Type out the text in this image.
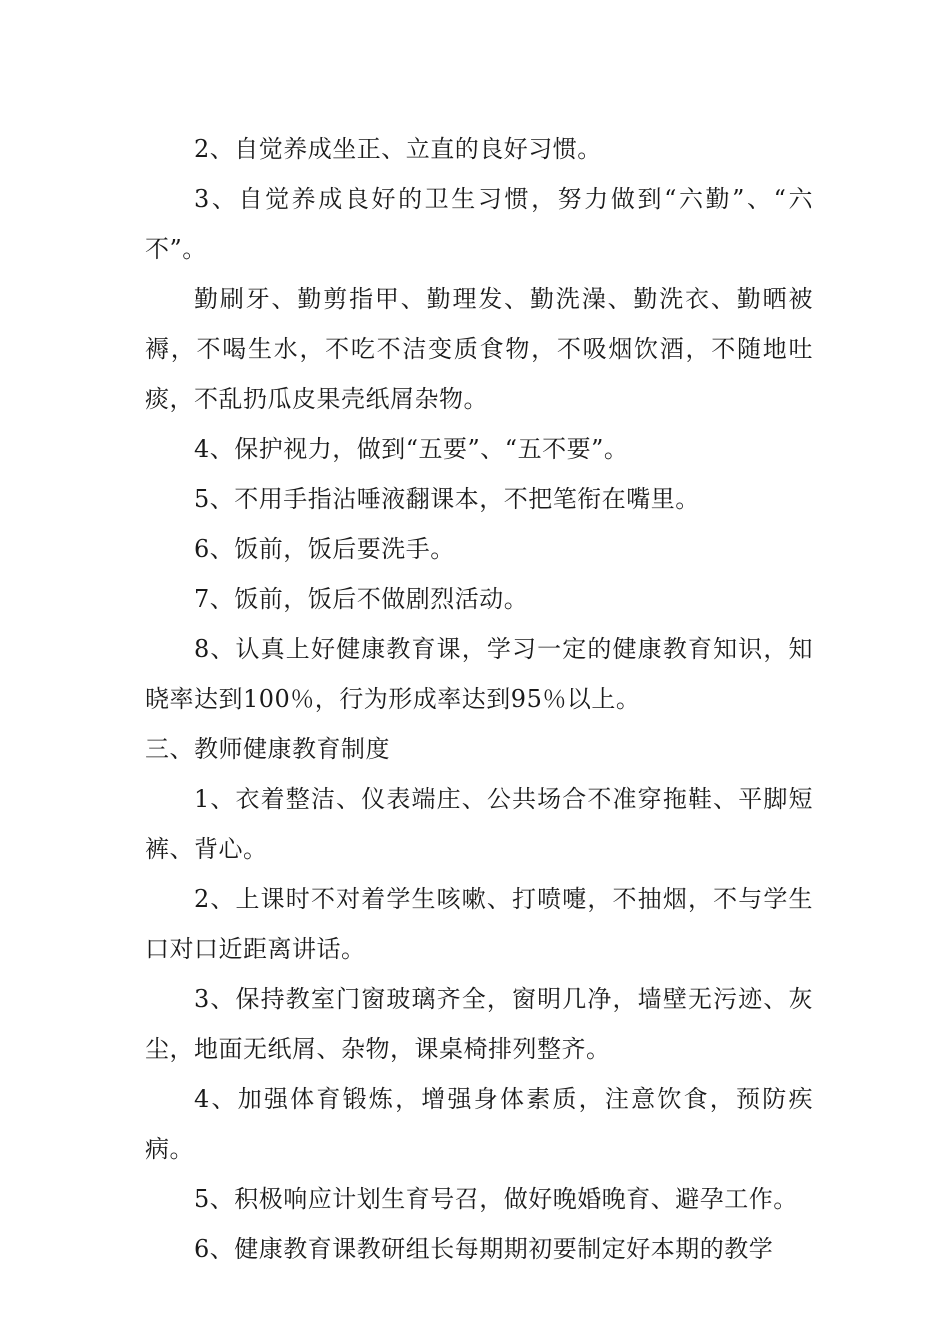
2、自觉养成坐正、立直的良好习惯。

3、自觉养成良好的卫生习惯，努力做到“六勤”、“六不”。

勤刷牙、勤剪指甲、勤理发、勤洗澡、勤洗衣、勤晒被褥，不喝生水，不吃不洁变质食物，不吸烟饮酒，不随地吐痰，不乱扔瓜皮果壳纸屑杂物。

4、保护视力，做到“五要”、“五不要”。

5、不用手指沾唾液翻课本，不把笔衔在嘴里。

6、饭前，饭后要洗手。

7、饭前，饭后不做剧烈活动。

8、认真上好健康教育课，学习一定的健康教育知识，知晓率达到100％，行为形成率达到95％以上。

三、教师健康教育制度

1、衣着整洁、仪表端庄、公共场合不准穿拖鞋、平脚短裤、背心。

2、上课时不对着学生咳嗽、打喷嚏，不抽烟，不与学生口对口近距离讲话。

3、保持教室门窗玻璃齐全，窗明几净，墙壁无污迹、灰尘，地面无纸屑、杂物，课桌椅排列整齐。

4、加强体育锻炼，增强身体素质，注意饮食，预防疾病。

5、积极响应计划生育号召，做好晚婚晚育、避孕工作。

6、健康教育课教研组长每期期初要制定好本期的教学
